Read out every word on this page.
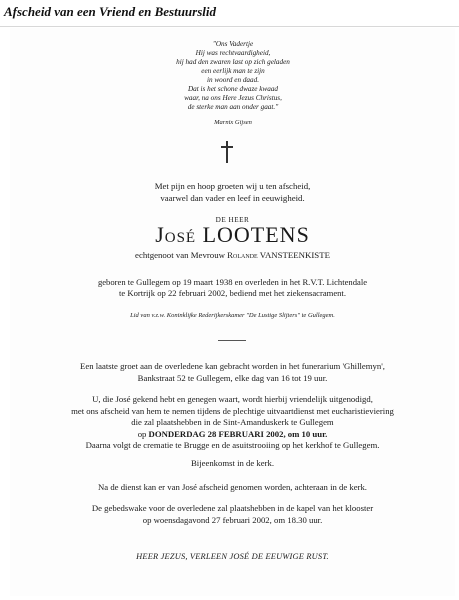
Afscheid van een Vriend en Bestuurslid
"Ons Vadertje
Hij was rechtvaardigheid,
hij had den zwaren last op zich geladen
een eerlijk man te zijn
in woord en daad.
Dat is het schone dwaze kwaad
waar, na ons Here Jezus Christus,
de sterke man aan onder gaat."
Marnix Gijsen
Met pijn en hoop groeten wij u ten afscheid,
vaarwel dan vader en leef in eeuwigheid.
DE HEER
José LOOTENS
echtgenoot van Mevrouw Rolande VANSTEENKISTE
geboren te Gullegem op 19 maart 1938 en overleden in het R.V.T. Lichtendale
te Kortrijk op 22 februari 2002, bediend met het ziekensacrament.
Lid van v.z.w. Koninklijke Rederijkerskamer "De Lustige Slijters" te Gullegem.
Een laatste groet aan de overledene kan gebracht worden in het funerarium 'Ghillemyn',
Bankstraat 52 te Gullegem, elke dag van 16 tot 19 uur.
U, die José gekend hebt en genegen waart, wordt hierbij vriendelijk uitgenodigd,
met ons afscheid van hem te nemen tijdens de plechtige uitvaartdienst met eucharistieviering
die zal plaatshebben in de Sint-Amanduskerk te Gullegem
op DONDERDAG 28 FEBRUARI 2002, om 10 uur.
Daarna volgt de crematie te Brugge en de asuitstrooiing op het kerkhof te Gullegem.
Bijeenkomst in de kerk.
Na de dienst kan er van José afscheid genomen worden, achteraan in de kerk.
De gebedswake voor de overledene zal plaatshebben in de kapel van het klooster
op woensdagavond 27 februari 2002, om 18.30 uur.
HEER JEZUS, VERLEEN JOSÉ DE EEUWIGE RUST.
